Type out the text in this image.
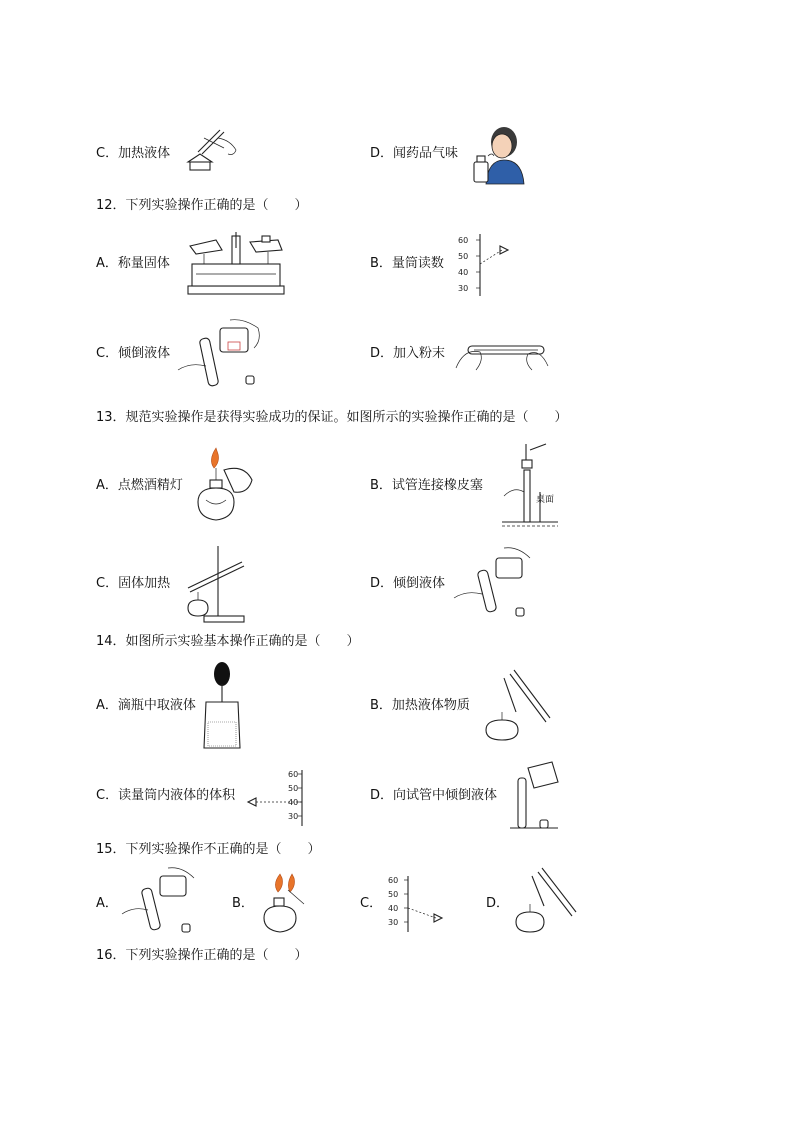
C．加热液体	D．闻药品气味
12．下列实验操作正确的是（　　）
A．称量固体	B．量筒读数
60
50
40
30
C．倾倒液体	D．加入粉末
13．规范实验操作是获得实验成功的保证。如图所示的实验操作正确的是（　　）
A．点燃酒精灯	B．试管连接橡皮塞
桌面
C．固体加热	D．倾倒液体
14．如图所示实验基本操作正确的是（　　）
A．滴瓶中取液体	B．加热液体物质
C．读量筒内液体的体积
60
50
40
30
D．向试管中倾倒液体
15．下列实验操作不正确的是（　　）
A．	B．	C．
60
50
40
30
D．
16．下列实验操作正确的是（　　）
